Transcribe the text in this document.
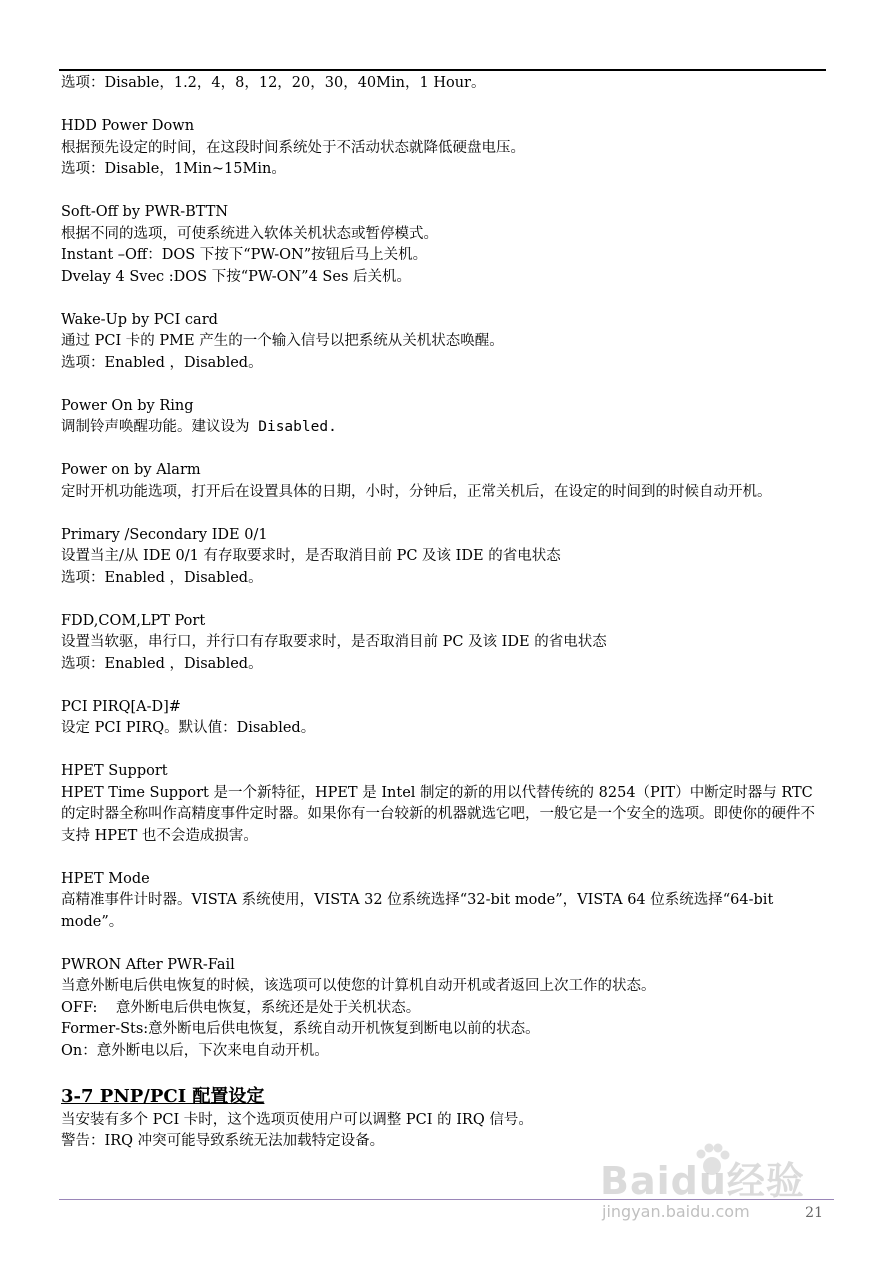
选项：Disable，1.2，4，8，12，20，30，40Min，1 Hour。
HDD Power Down
根据预先设定的时间，在这段时间系统处于不活动状态就降低硬盘电压。
选项：Disable，1Min~15Min。
Soft-Off by PWR-BTTN
根据不同的选项，可使系统进入软体关机状态或暂停模式。
Instant –Off：DOS 下按下“PW-ON”按钮后马上关机。
Dvelay 4 Svec :DOS 下按“PW-ON”4 Ses 后关机。
Wake-Up by PCI card
通过 PCI 卡的 PME 产生的一个输入信号以把系统从关机状态唤醒。
选项：Enabled ，Disabled。
Power On by Ring
调制铃声唤醒功能。建议设为 Disabled.
Power on by Alarm
定时开机功能选项，打开后在设置具体的日期，小时，分钟后，正常关机后，在设定的时间到的时候自动开机。
Primary /Secondary IDE 0/1
设置当主/从 IDE 0/1 有存取要求时，是否取消目前 PC 及该 IDE 的省电状态
选项：Enabled ，Disabled。
FDD,COM,LPT Port
设置当软驱，串行口，并行口有存取要求时，是否取消目前 PC 及该 IDE 的省电状态
选项：Enabled ，Disabled。
PCI PIRQ[A-D]#
设定 PCI PIRQ。默认值：Disabled。
HPET Support
HPET Time Support 是一个新特征，HPET 是 Intel 制定的新的用以代替传统的 8254（PIT）中断定时器与 RTC 的定时器全称叫作高精度事件定时器。如果你有一台较新的机器就选它吧，一般它是一个安全的选项。即使你的硬件不支持 HPET 也不会造成损害。
HPET Mode
高精准事件计时器。VISTA 系统使用，VISTA 32 位系统选择“32-bit mode”，VISTA 64 位系统选择“64-bit mode”。
PWRON After PWR-Fail
当意外断电后供电恢复的时候，该选项可以使您的计算机自动开机或者返回上次工作的状态。
OFF:    意外断电后供电恢复，系统还是处于关机状态。
Former-Sts:意外断电后供电恢复，系统自动开机恢复到断电以前的状态。
On：意外断电以后，下次来电自动开机。
3-7 PNP/PCI 配置设定
当安装有多个 PCI 卡时，这个选项页使用户可以调整 PCI 的 IRQ 信号。
警告：IRQ 冲突可能导致系统无法加载特定设备。
Baidu经验
jingyan.baidu.com	21
